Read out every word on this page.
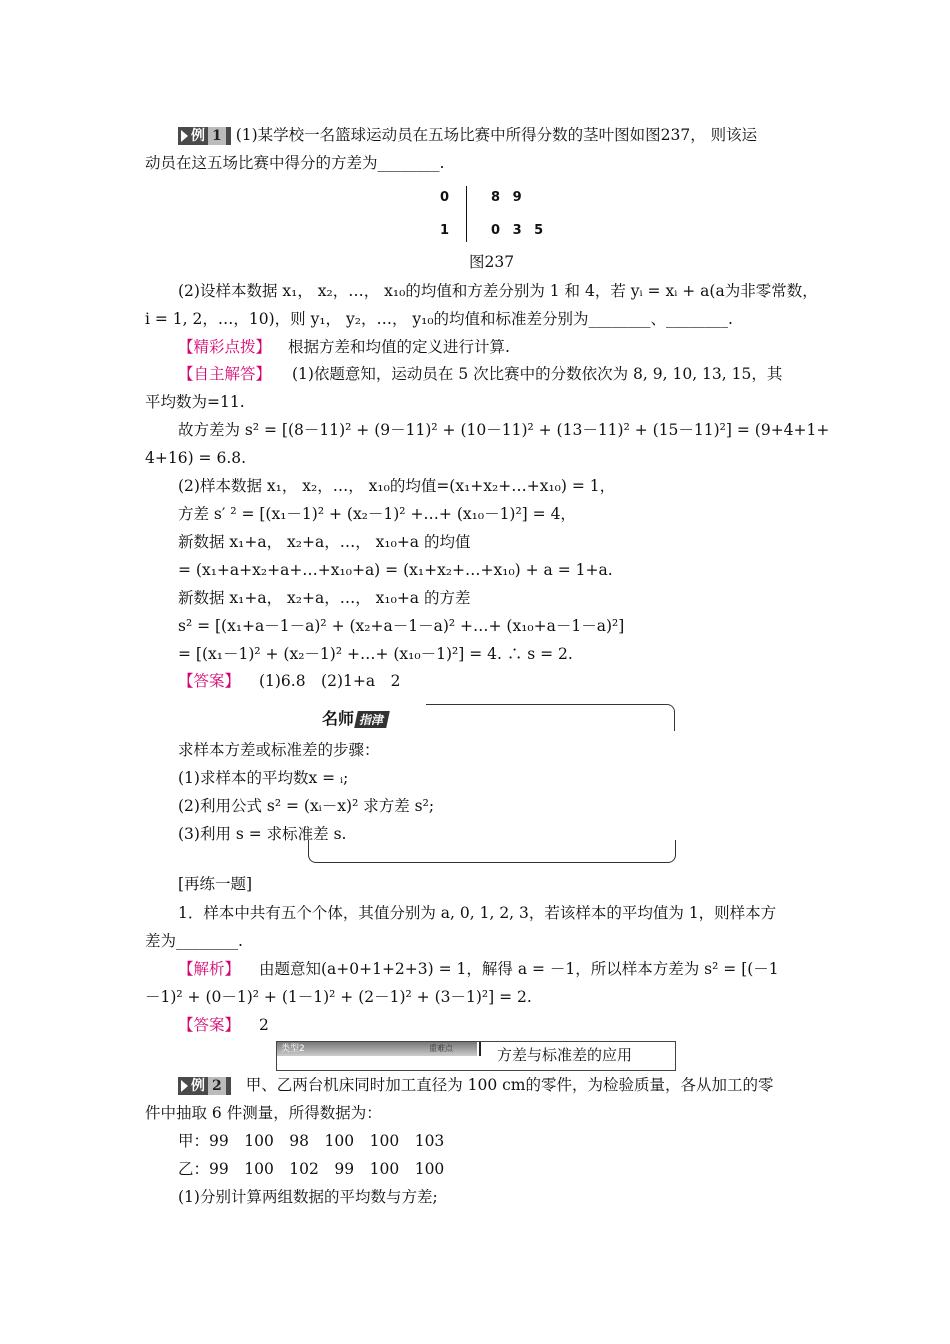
例 1 (1)某学校一名篮球运动员在五场比赛中所得分数的茎叶图如图237， 则该运
动员在这五场比赛中得分的方差为________.
0	8 9
1	0 3 5
图237
(2)设样本数据 x₁， x₂，…， x₁₀的均值和方差分别为 1 和 4，若 yᵢ = xᵢ + a(a为非零常数，
i = 1, 2，…，10)，则 y₁， y₂，…， y₁₀的均值和标准差分别为________、________.
【精彩点拨】 根据方差和均值的定义进行计算.
【自主解答】 (1)依题意知，运动员在 5 次比赛中的分数依次为 8, 9, 10, 13, 15，其
平均数为=11.
故方差为 s² = [(8－11)² + (9－11)² + (10－11)² + (13－11)² + (15－11)²] = (9+4+1+
4+16) = 6.8.
(2)样本数据 x₁， x₂，…， x₁₀的均值=(x₁+x₂+…+x₁₀) = 1，
方差 s′ ² = [(x₁－1)² + (x₂－1)² +…+ (x₁₀－1)²] = 4，
新数据 x₁+a， x₂+a，…， x₁₀+a 的均值
= (x₁+a+x₂+a+…+x₁₀+a) = (x₁+x₂+…+x₁₀) + a = 1+a.
新数据 x₁+a， x₂+a，…， x₁₀+a 的方差
s² = [(x₁+a－1－a)² + (x₂+a－1－a)² +…+ (x₁₀+a－1－a)²]
= [(x₁－1)² + (x₂－1)² +…+ (x₁₀－1)²] = 4. ∴ s = 2.
【答案】 (1)6.8　(2)1+a　2
名师 指津
求样本方差或标准差的步骤：
(1)求样本的平均数x = ᵢ;
(2)利用公式 s² = (xᵢ－x)² 求方差 s²;
(3)利用 s = 求标准差 s.
[再练一题]
1．样本中共有五个个体，其值分别为 a, 0, 1, 2, 3，若该样本的平均值为 1，则样本方
差为________.
【解析】 由题意知(a+0+1+2+3) = 1，解得 a = －1，所以样本方差为 s² = [(－1
－1)² + (0－1)² + (1－1)² + (2－1)² + (3－1)²] = 2.
【答案】 2
类型2	重难点	方差与标准差的应用
例 2 甲、乙两台机床同时加工直径为 100 cm的零件，为检验质量，各从加工的零
件中抽取 6 件测量，所得数据为：
甲：99　100　98　100　100　103
乙：99　100　102　99　100　100
(1)分别计算两组数据的平均数与方差;
